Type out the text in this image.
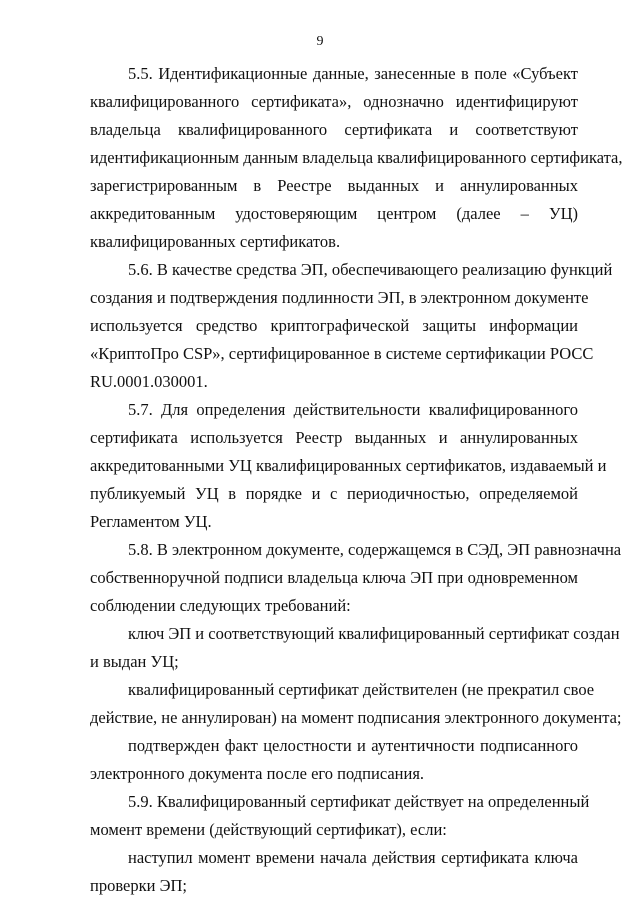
9
5.5. Идентификационные данные, занесенные в поле «Субъект
квалифицированного сертификата», однозначно идентифицируют
владельца квалифицированного сертификата и соответствуют
идентификационным данным владельца квалифицированного сертификата,
зарегистрированным в Реестре выданных и аннулированных
аккредитованным удостоверяющим центром (далее – УЦ)
квалифицированных сертификатов.
5.6. В качестве средства ЭП, обеспечивающего реализацию функций
создания и подтверждения подлинности ЭП, в электронном документе
используется средство криптографической защиты информации
«КриптоПро CSP», сертифицированное в системе сертификации РОСС
RU.0001.030001.
5.7. Для определения действительности квалифицированного
сертификата используется Реестр выданных и аннулированных
аккредитованными УЦ квалифицированных сертификатов, издаваемый и
публикуемый УЦ в порядке и с периодичностью, определяемой
Регламентом УЦ.
5.8. В электронном документе, содержащемся в СЭД, ЭП равнозначна
собственноручной подписи владельца ключа ЭП при одновременном
соблюдении следующих требований:
ключ ЭП и соответствующий квалифицированный сертификат создан
и выдан УЦ;
квалифицированный сертификат действителен (не прекратил свое
действие, не аннулирован) на момент подписания электронного документа;
подтвержден факт целостности и аутентичности подписанного
электронного документа после его подписания.
5.9. Квалифицированный сертификат действует на определенный
момент времени (действующий сертификат), если:
наступил момент времени начала действия сертификата ключа
проверки ЭП;
